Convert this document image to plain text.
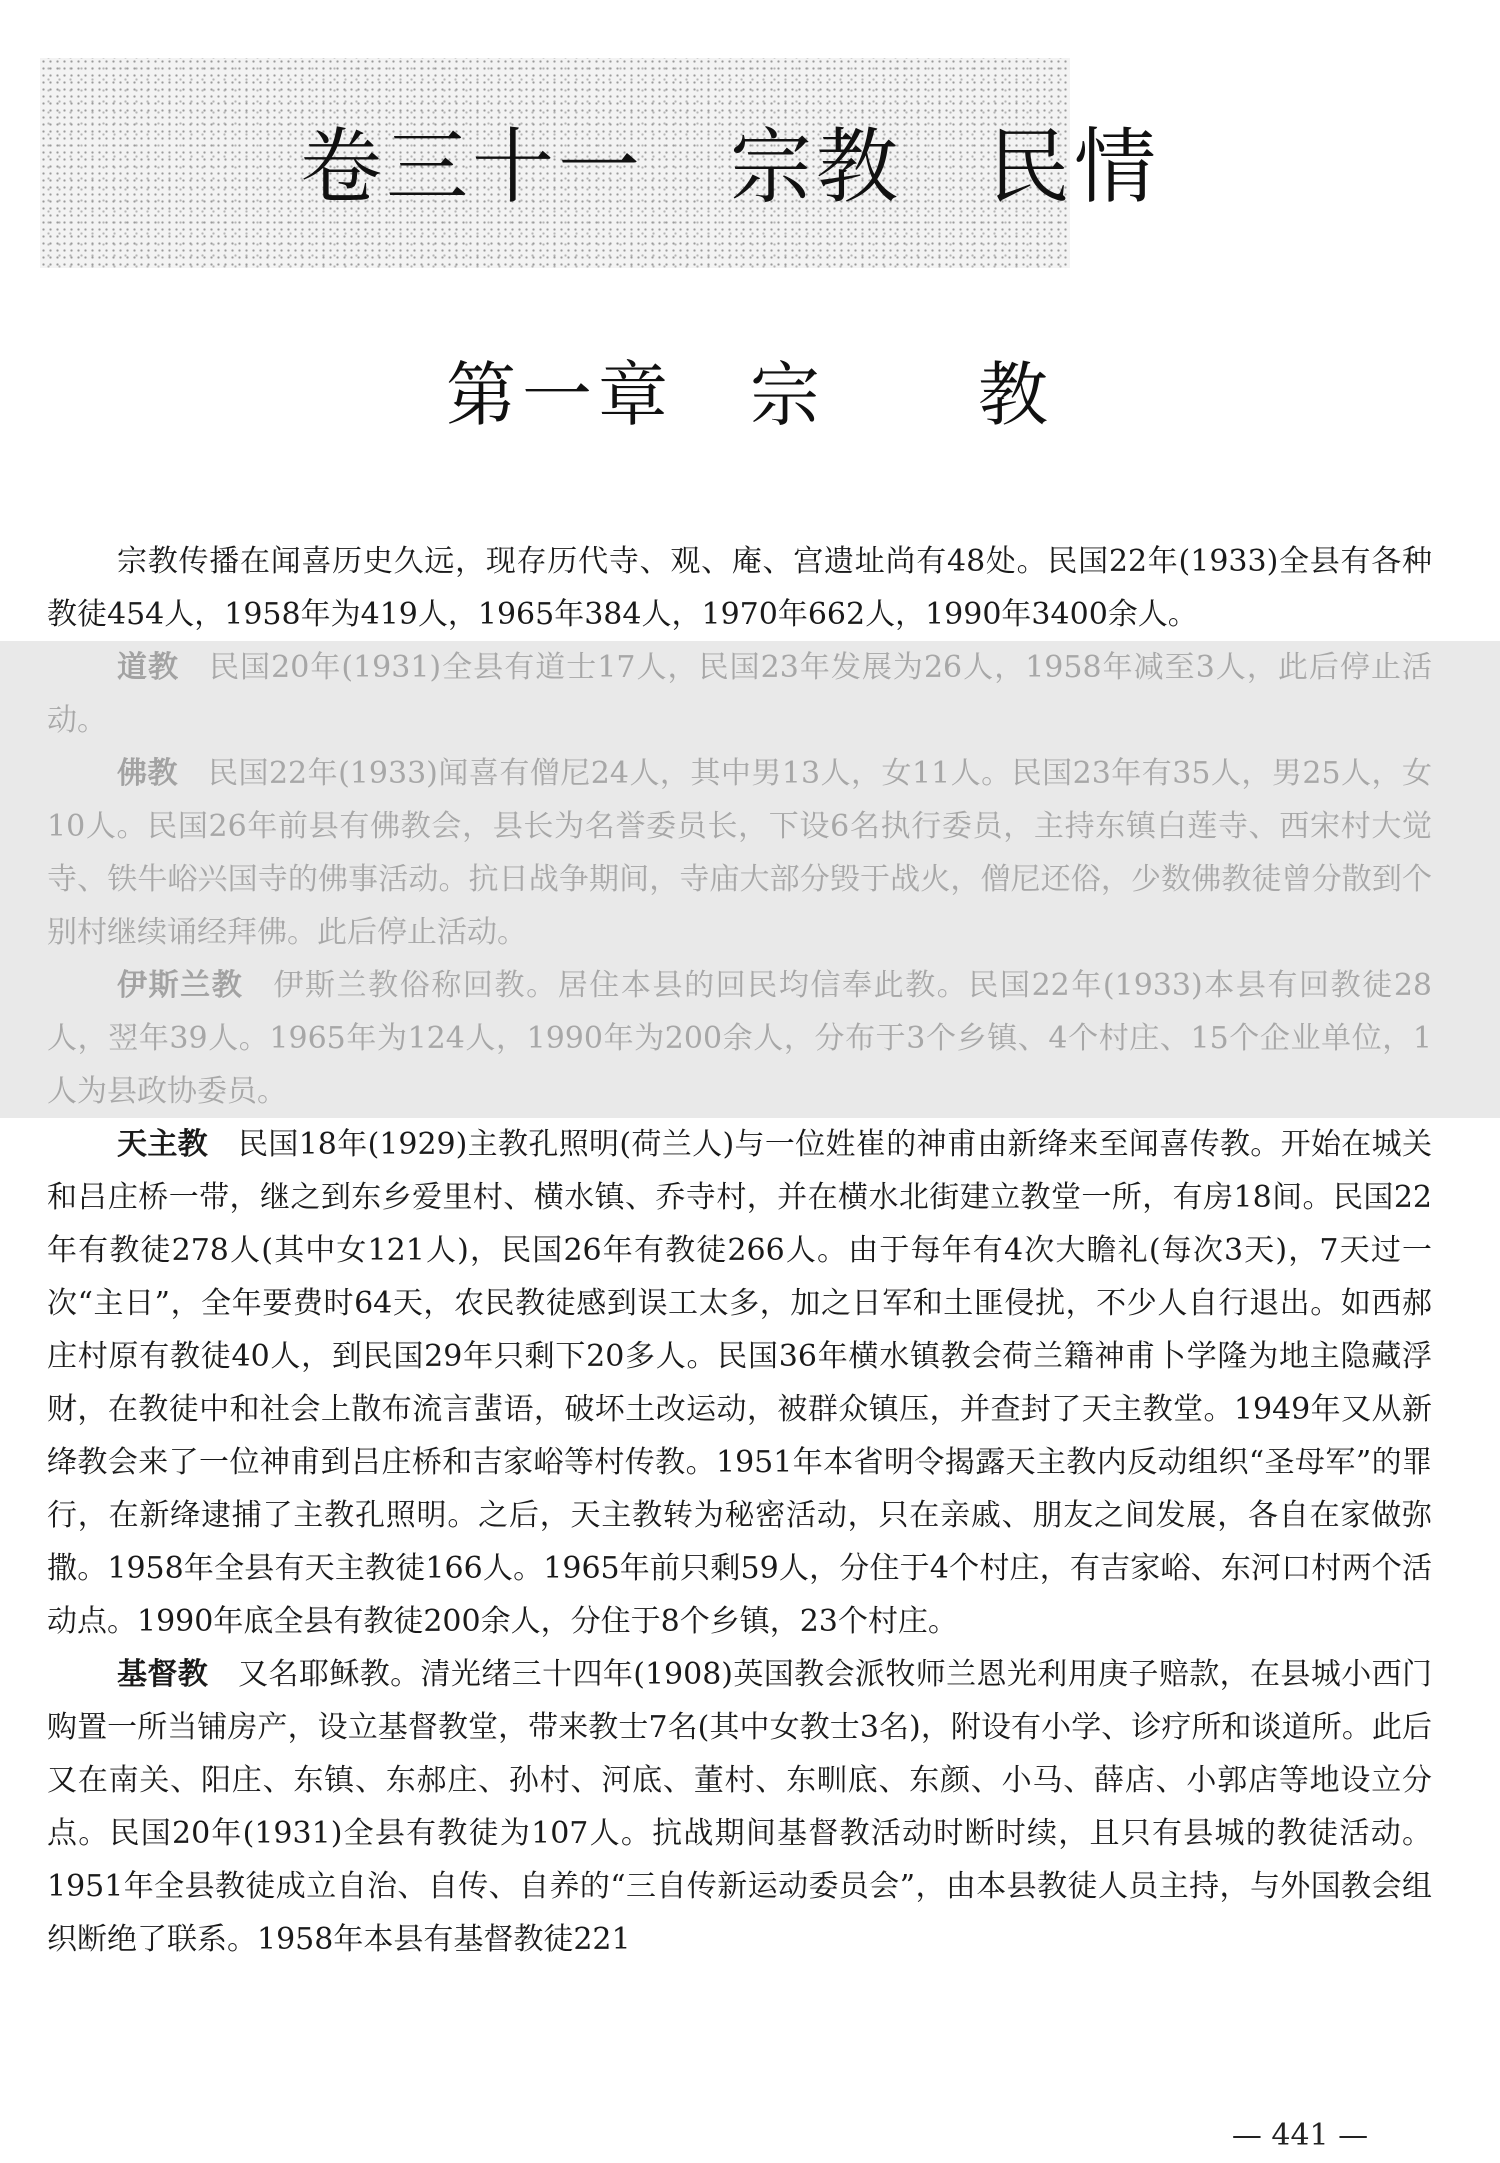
卷三十一　宗教　民情
第一章　宗　　教

宗教传播在闻喜历史久远，现存历代寺、观、庵、宫遗址尚有48处。民国22年(1933)全县有各种教徒454人，1958年为419人，1965年384人，1970年662人，1990年3400余人。

道教 民国20年(1931)全县有道士17人，民国23年发展为26人，1958年减至3人，此后停止活动。

佛教 民国22年(1933)闻喜有僧尼24人，其中男13人，女11人。民国23年有35人，男25人，女10人。民国26年前县有佛教会，县长为名誉委员长，下设6名执行委员，主持东镇白莲寺、西宋村大觉寺、铁牛峪兴国寺的佛事活动。抗日战争期间，寺庙大部分毁于战火，僧尼还俗，少数佛教徒曾分散到个别村继续诵经拜佛。此后停止活动。

伊斯兰教 伊斯兰教俗称回教。居住本县的回民均信奉此教。民国22年(1933)本县有回教徒28人，翌年39人。1965年为124人，1990年为200余人，分布于3个乡镇、4个村庄、15个企业单位，1人为县政协委员。

天主教 民国18年(1929)主教孔照明(荷兰人)与一位姓崔的神甫由新绛来至闻喜传教。开始在城关和吕庄桥一带，继之到东乡爱里村、横水镇、乔寺村，并在横水北街建立教堂一所，有房18间。民国22年有教徒278人(其中女121人)，民国26年有教徒266人。由于每年有4次大瞻礼(每次3天)，7天过一次“主日”，全年要费时64天，农民教徒感到误工太多，加之日军和土匪侵扰，不少人自行退出。如西郝庄村原有教徒40人，到民国29年只剩下20多人。民国36年横水镇教会荷兰籍神甫卜学隆为地主隐藏浮财，在教徒中和社会上散布流言蜚语，破坏土改运动，被群众镇压，并查封了天主教堂。1949年又从新绛教会来了一位神甫到吕庄桥和吉家峪等村传教。1951年本省明令揭露天主教内反动组织“圣母军”的罪行，在新绛逮捕了主教孔照明。之后，天主教转为秘密活动，只在亲戚、朋友之间发展，各自在家做弥撒。1958年全县有天主教徒166人。1965年前只剩59人，分住于4个村庄，有吉家峪、东河口村两个活动点。1990年底全县有教徒200余人，分住于8个乡镇，23个村庄。

基督教 又名耶稣教。清光绪三十四年(1908)英国教会派牧师兰恩光利用庚子赔款，在县城小西门购置一所当铺房产，设立基督教堂，带来教士7名(其中女教士3名)，附设有小学、诊疗所和谈道所。此后又在南关、阳庄、东镇、东郝庄、孙村、河底、董村、东甽底、东颜、小马、薛店、小郭店等地设立分点。民国20年(1931)全县有教徒为107人。抗战期间基督教活动时断时续，且只有县城的教徒活动。1951年全县教徒成立自治、自传、自养的“三自传新运动委员会”，由本县教徒人员主持，与外国教会组织断绝了联系。1958年本县有基督教徒221

— 441 —
